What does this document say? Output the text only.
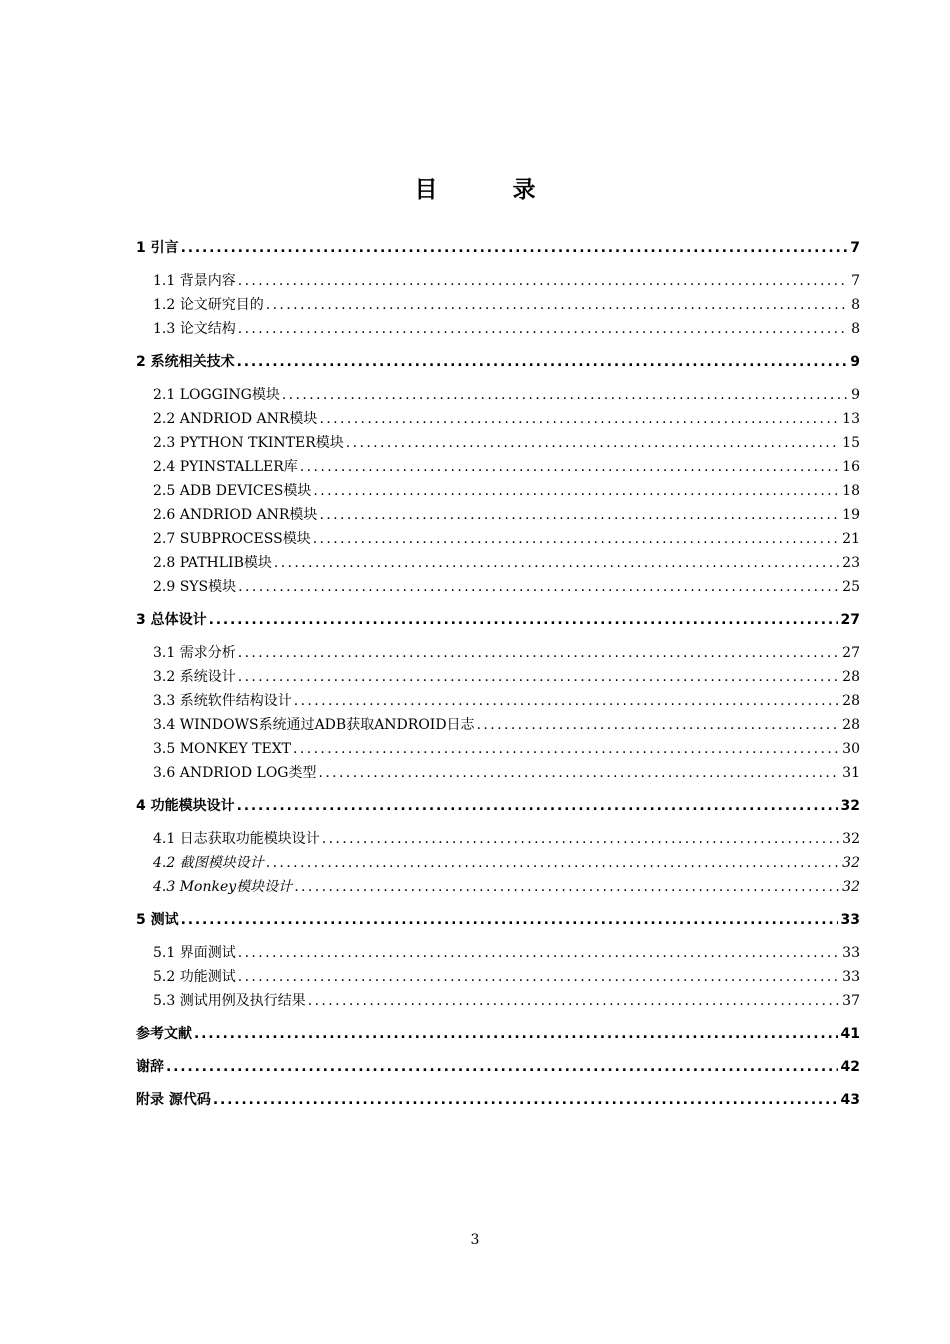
目　录
1 引言 .....	7
1.1 背景内容 .....	7
1.2 论文研究目的 .....	8
1.3 论文结构 .....	8
2 系统相关技术 .....	9
2.1 LOGGING模块 .....	9
2.2 ANDRIOD ANR模块 .....	13
2.3 PYTHON TKINTER模块 .....	15
2.4 PYINSTALLER库 .....	16
2.5 ADB DEVICES模块 .....	18
2.6 ANDRIOD ANR模块 .....	19
2.7 SUBPROCESS模块 .....	21
2.8 PATHLIB模块 .....	23
2.9 SYS模块 .....	25
3 总体设计 .....	27
3.1 需求分析 .....	27
3.2 系统设计 .....	28
3.3 系统软件结构设计 .....	28
3.4 WINDOWS系统通过ADB获取ANDROID日志 .....	28
3.5 MONKEY TEXT .....	30
3.6 ANDRIOD LOG类型 .....	31
4 功能模块设计 .....	32
4.1 日志获取功能模块设计 .....	32
4.2 截图模块设计 .....	32
4.3 Monkey模块设计 .....	32
5 测试 .....	33
5.1 界面测试 .....	33
5.2 功能测试 .....	33
5.3 测试用例及执行结果 .....	37
参考文献 .....	41
谢辞 .....	42
附录 源代码 .....	43
3
